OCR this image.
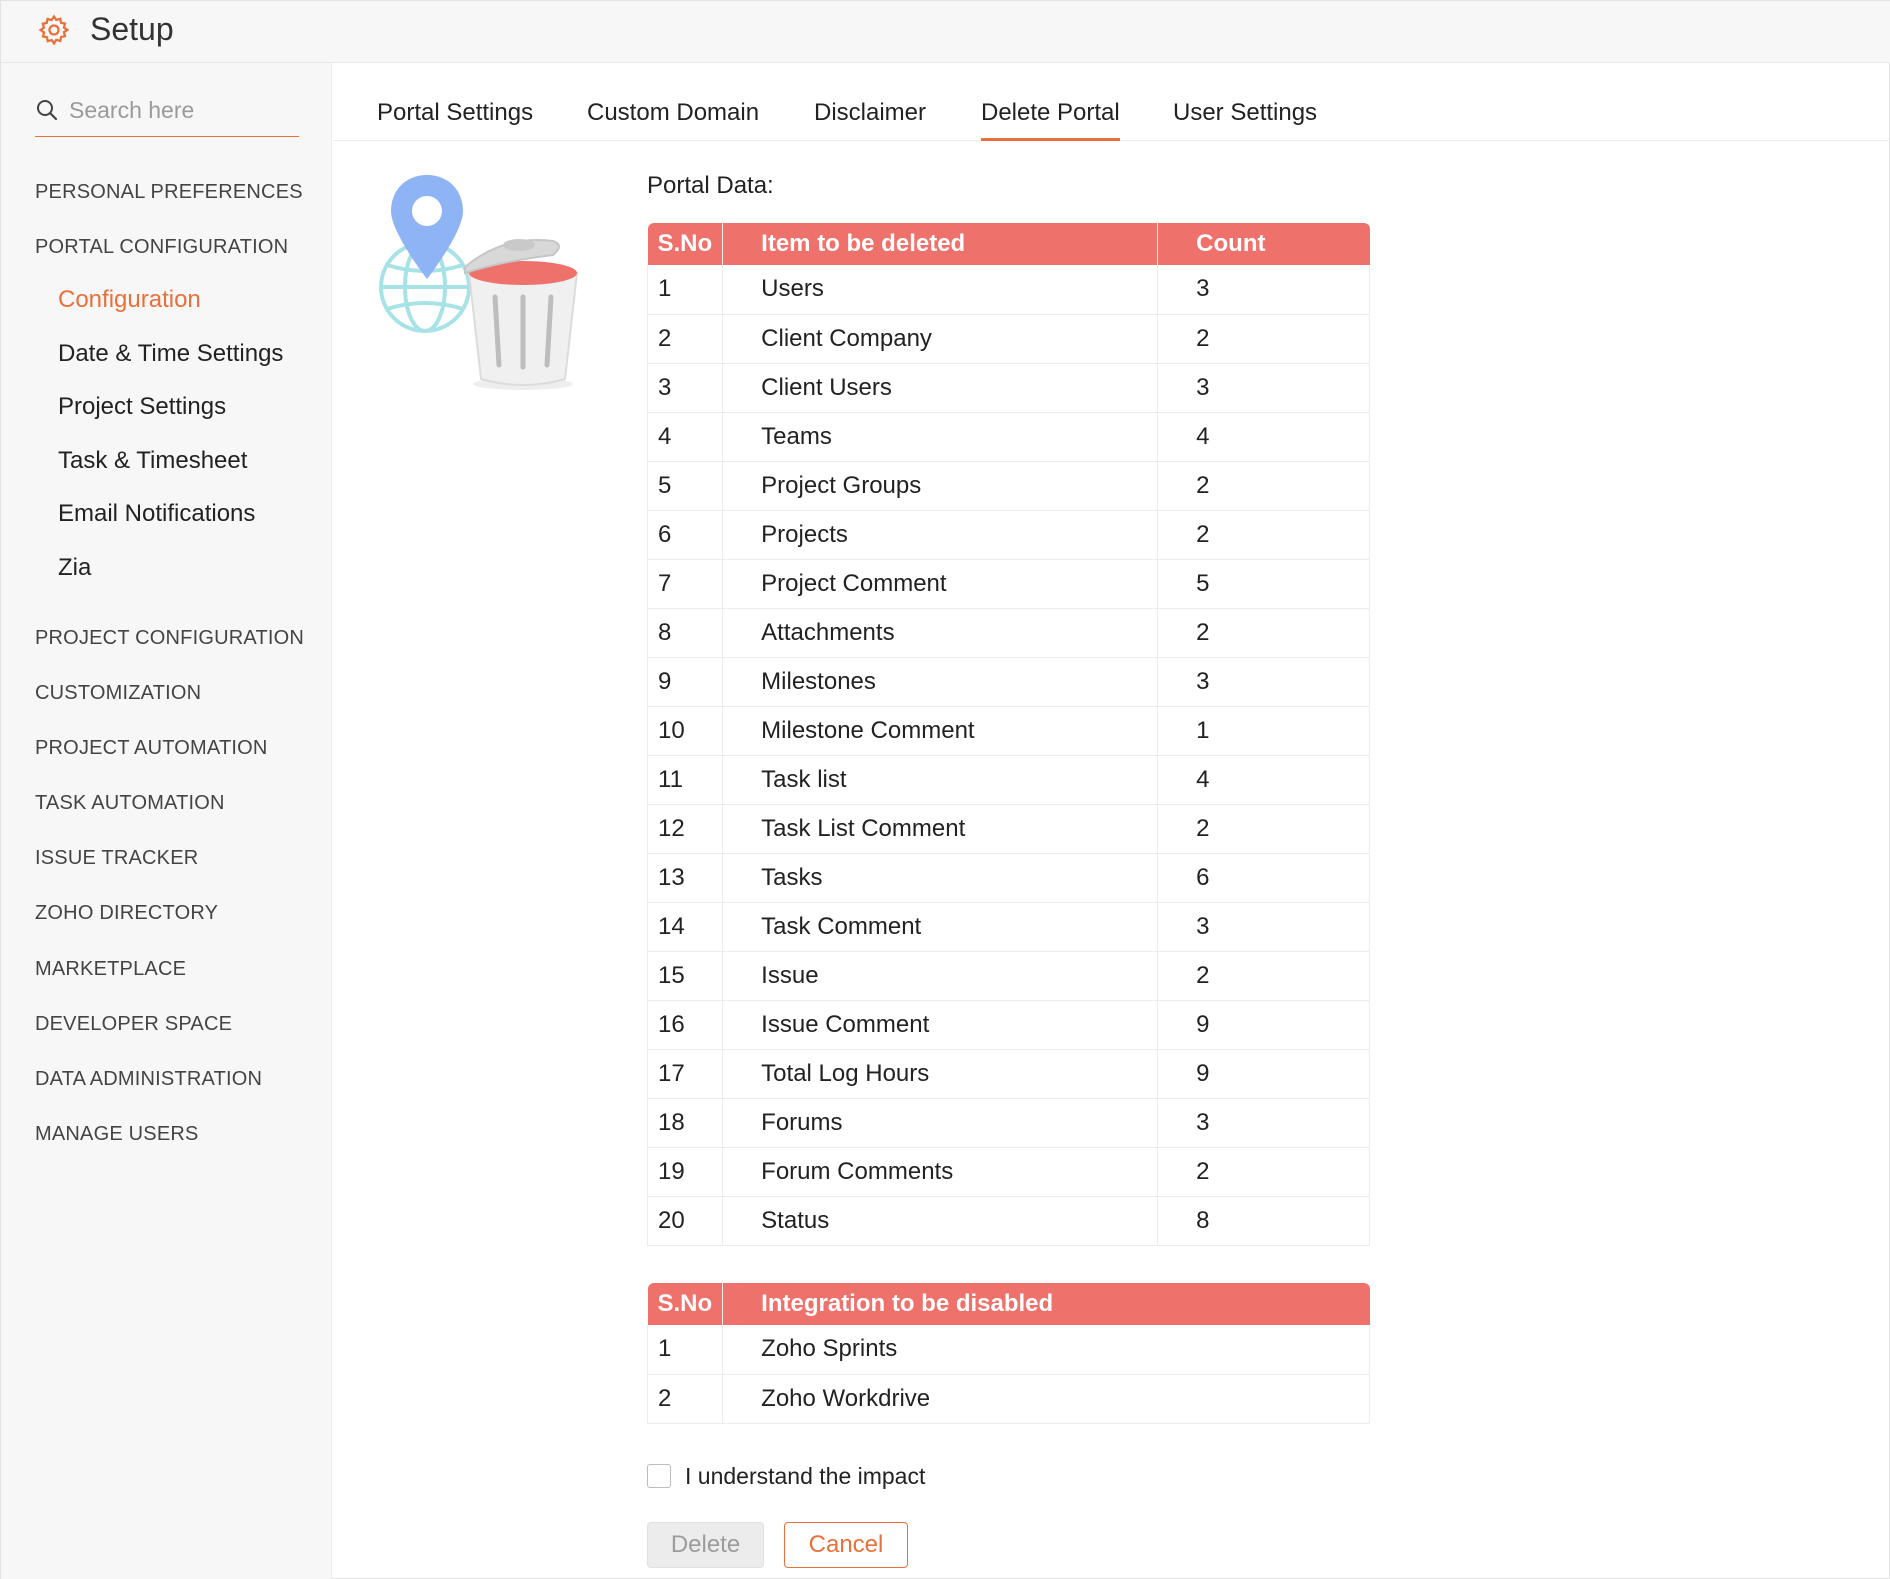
Setup
Search here
PERSONAL PREFERENCES
PORTAL CONFIGURATION
Configuration
Date & Time Settings
Project Settings
Task & Timesheet
Email Notifications
Zia
PROJECT CONFIGURATION
CUSTOMIZATION
PROJECT AUTOMATION
TASK AUTOMATION
ISSUE TRACKER
ZOHO DIRECTORY
MARKETPLACE
DEVELOPER SPACE
DATA ADMINISTRATION
MANAGE USERS
Portal Settings Custom Domain Disclaimer Delete Portal User Settings
Portal Data:
S.No	Item to be deleted	Count
1	Users	3
2	Client Company	2
3	Client Users	3
4	Teams	4
5	Project Groups	2
6	Projects	2
7	Project Comment	5
8	Attachments	2
9	Milestones	3
10	Milestone Comment	1
11	Task list	4
12	Task List Comment	2
13	Tasks	6
14	Task Comment	3
15	Issue	2
16	Issue Comment	9
17	Total Log Hours	9
18	Forums	3
19	Forum Comments	2
20	Status	8
S.No	Integration to be disabled
1	Zoho Sprints
2	Zoho Workdrive
I understand the impact
Delete	Cancel
